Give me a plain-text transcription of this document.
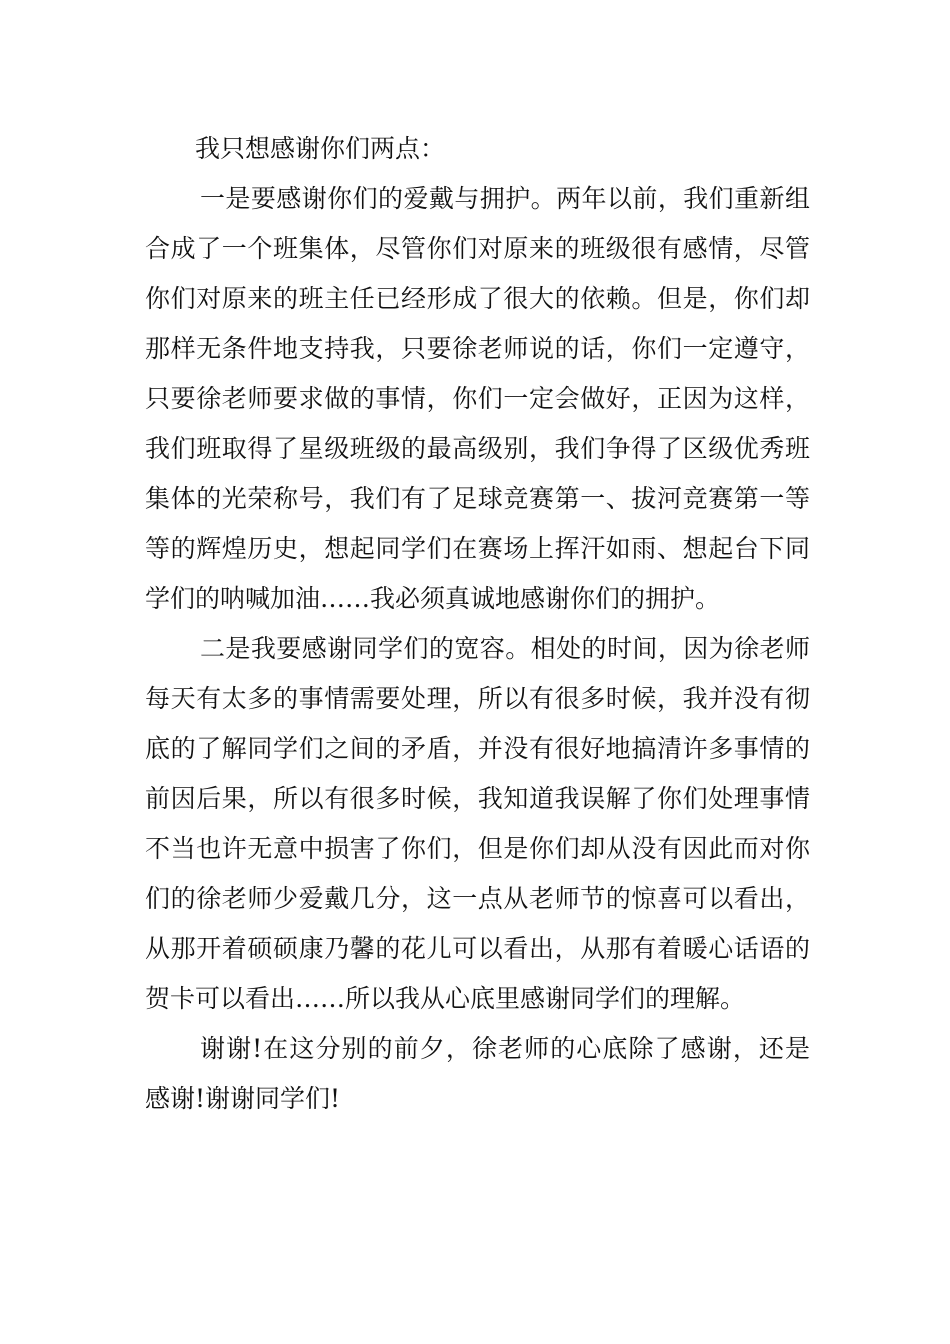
我只想感谢你们两点：

一是要感谢你们的爱戴与拥护。两年以前，我们重新组合成了一个班集体，尽管你们对原来的班级很有感情，尽管你们对原来的班主任已经形成了很大的依赖。但是，你们却那样无条件地支持我，只要徐老师说的话，你们一定遵守，只要徐老师要求做的事情，你们一定会做好，正因为这样，我们班取得了星级班级的最高级别，我们争得了区级优秀班集体的光荣称号，我们有了足球竞赛第一、拔河竞赛第一等等的辉煌历史，想起同学们在赛场上挥汗如雨、想起台下同学们的呐喊加油……我必须真诚地感谢你们的拥护。

二是我要感谢同学们的宽容。相处的时间，因为徐老师每天有太多的事情需要处理，所以有很多时候，我并没有彻底的了解同学们之间的矛盾，并没有很好地搞清许多事情的前因后果，所以有很多时候，我知道我误解了你们处理事情不当也许无意中损害了你们，但是你们却从没有因此而对你们的徐老师少爱戴几分，这一点从老师节的惊喜可以看出，从那开着硕硕康乃馨的花儿可以看出，从那有着暖心话语的贺卡可以看出……所以我从心底里感谢同学们的理解。

谢谢!在这分别的前夕，徐老师的心底除了感谢，还是感谢!谢谢同学们!
